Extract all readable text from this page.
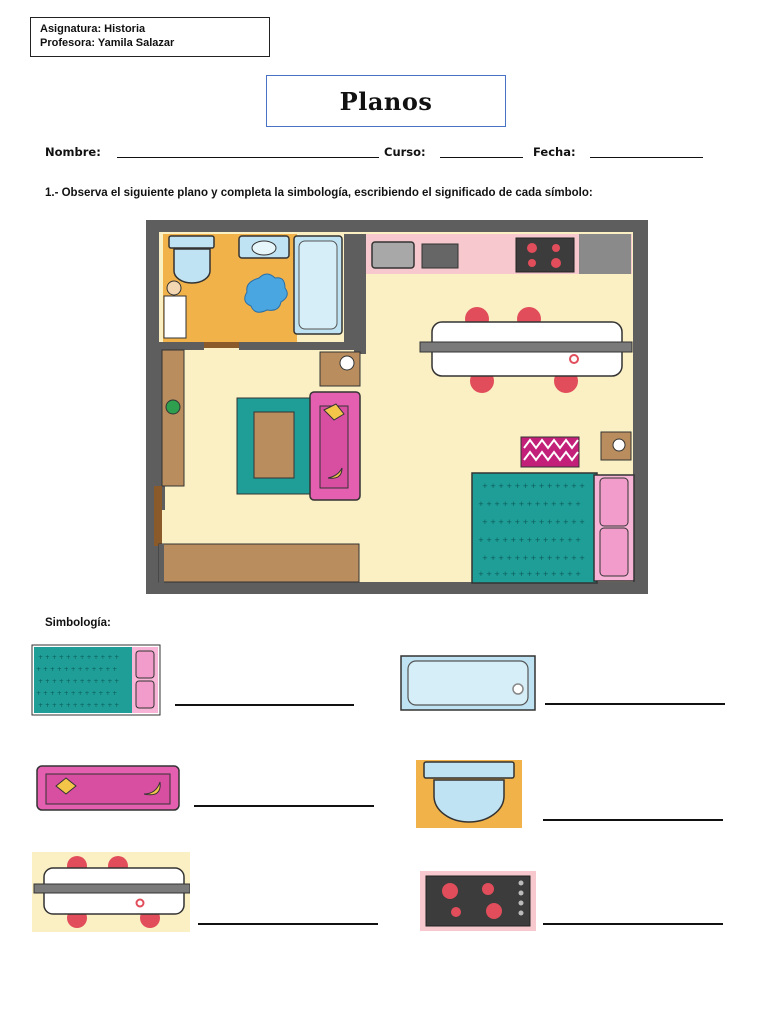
Asignatura: Historia
Profesora: Yamila Salazar
Planos
Nombre:	Curso:	Fecha:
1.- Observa el siguiente plano y completa la simbología, escribiendo el significado de cada símbolo:
+ + + + + + + + + + + + +
+ + + + + + + + + + + + +
+ + + + + + + + + + + + +
+ + + + + + + + + + + + +
+ + + + + + + + + + + + +
+ + + + + + + + + + + + +
Simbología:
+ + + + + + + + + + + +
+ + + + + + + + + + + +
+ + + + + + + + + + + +
+ + + + + + + + + + + +
+ + + + + + + + + + + +
